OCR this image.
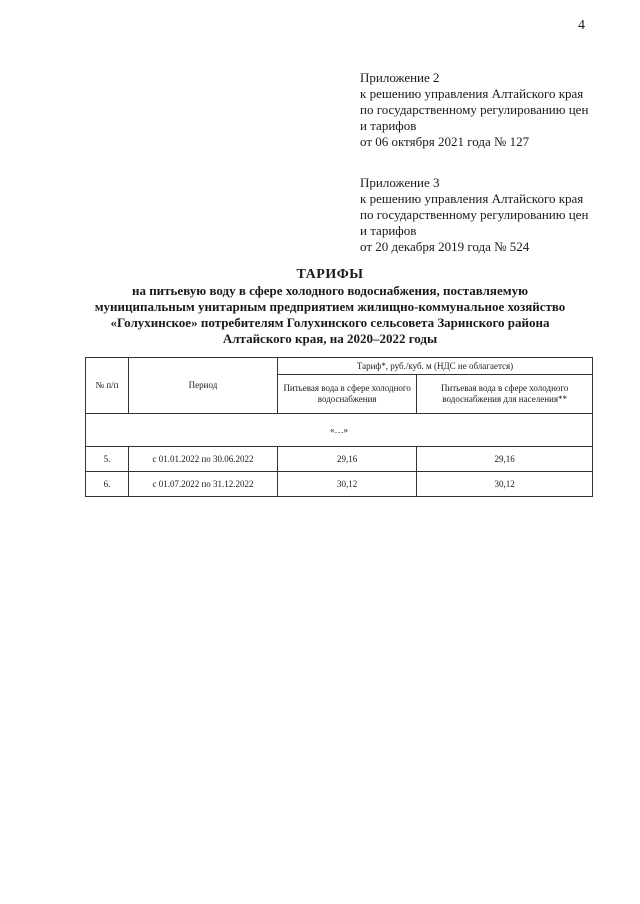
4
Приложение 2
к решению управления Алтайского края
по государственному регулированию цен
и тарифов
от 06 октября 2021 года № 127
Приложение 3
к решению управления Алтайского края
по государственному регулированию цен
и тарифов
от 20 декабря 2019 года № 524
ТАРИФЫ
на питьевую воду в сфере холодного водоснабжения, поставляемую
муниципальным унитарным предприятием жилищно-коммунальное хозяйство
«Голухинское» потребителям Голухинского сельсовета Заринского района
Алтайского края, на 2020–2022 годы
№ п/п	Период	Тариф*, руб./куб. м (НДС не облагается)	
		Питьевая вода в сфере холодного водоснабжения	Питьевая вода в сфере холодного водоснабжения для населения**
«…»			
5.	с 01.01.2022 по 30.06.2022	29,16	29,16
6.	с 01.07.2022 по 31.12.2022	30,12	30,12
